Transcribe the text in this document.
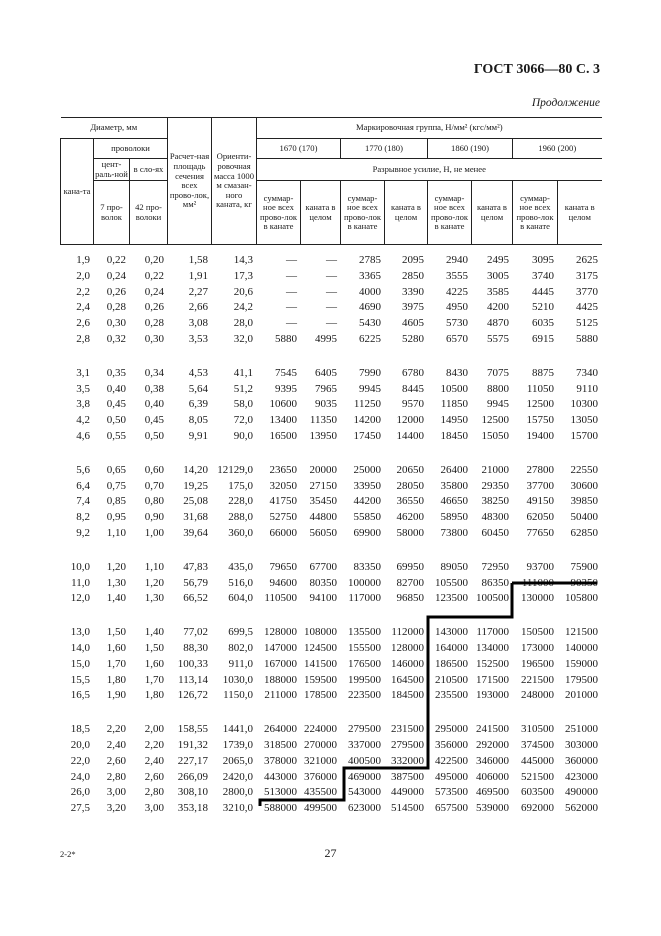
ГОСТ 3066—80 С. 3
Продолжение
Диаметр, мм			Расчет-ная площадь сечения всех прово-лок, мм²	Ориенти-ровочная масса 1000 м смазан-ного каната, кг	Маркировочная группа, Н/мм² (кгс/мм²)							
кана-та	проволоки				1670 (170)		1770 (180)		1860 (190)		1960 (200)	
	цент-раль-ной	в сло-ях			Разрывное усилие, Н, не менее							
	7 про-волок	42 про-волоки			суммар-ное всех прово-лок в канате	каната в целом	суммар-ное всех прово-лок в канате	каната в целом	суммар-ное всех прово-лок в канате	каната в целом	суммар-ное всех прово-лок в канате	каната в целом
1,9	0,22	0,20	1,58	14,3	—	—	2785	2095	2940	2495	3095	2625
2,0	0,24	0,22	1,91	17,3	—	—	3365	2850	3555	3005	3740	3175
2,2	0,26	0,24	2,27	20,6	—	—	4000	3390	4225	3585	4445	3770
2,4	0,28	0,26	2,66	24,2	—	—	4690	3975	4950	4200	5210	4425
2,6	0,30	0,28	3,08	28,0	—	—	5430	4605	5730	4870	6035	5125
2,8	0,32	0,30	3,53	32,0	5880	4995	6225	5280	6570	5575	6915	5880

3,1	0,35	0,34	4,53	41,1	7545	6405	7990	6780	8430	7075	8875	7340
3,5	0,40	0,38	5,64	51,2	9395	7965	9945	8445	10500	8800	11050	9110
3,8	0,45	0,40	6,39	58,0	10600	9035	11250	9570	11850	9945	12500	10300
4,2	0,50	0,45	8,05	72,0	13400	11350	14200	12000	14950	12500	15750	13050
4,6	0,55	0,50	9,91	90,0	16500	13950	17450	14400	18450	15050	19400	15700

5,6	0,65	0,60	14,20	12129,0	23650	20000	25000	20650	26400	21000	27800	22550
6,4	0,75	0,70	19,25	175,0	32050	27150	33950	28050	35800	29350	37700	30600
7,4	0,85	0,80	25,08	228,0	41750	35450	44200	36550	46650	38250	49150	39850
8,2	0,95	0,90	31,68	288,0	52750	44800	55850	46200	58950	48300	62050	50400
9,2	1,10	1,00	39,64	360,0	66000	56050	69900	58000	73800	60450	77650	62850

10,0	1,20	1,10	47,83	435,0	79650	67700	83350	69950	89050	72950	93700	75900
11,0	1,30	1,20	56,79	516,0	94600	80350	100000	82700	105500	86350	111000	90350
12,0	1,40	1,30	66,52	604,0	110500	94100	117000	96850	123500	100500	130000	105800

13,0	1,50	1,40	77,02	699,5	128000	108000	135500	112000	143000	117000	150500	121500
14,0	1,60	1,50	88,30	802,0	147000	124500	155500	128000	164000	134000	173000	140000
15,0	1,70	1,60	100,33	911,0	167000	141500	176500	146000	186500	152500	196500	159000
15,5	1,80	1,70	113,14	1030,0	188000	159500	199500	164500	210500	171500	221500	179500
16,5	1,90	1,80	126,72	1150,0	211000	178500	223500	184500	235500	193000	248000	201000

18,5	2,20	2,00	158,55	1441,0	264000	224000	279500	231500	295000	241500	310500	251000
20,0	2,40	2,20	191,32	1739,0	318500	270000	337000	279500	356000	292000	374500	303000
22,0	2,60	2,40	227,17	2065,0	378000	321000	400500	332000	422500	346000	445000	360000
24,0	2,80	2,60	266,09	2420,0	443000	376000	469000	387500	495000	406000	521500	423000
26,0	3,00	2,80	308,10	2800,0	513000	435500	543000	449000	573500	469500	603500	490000
27,5	3,20	3,00	353,18	3210,0	588000	499500	623000	514500	657500	539000	692000	562000
2-2*	27
